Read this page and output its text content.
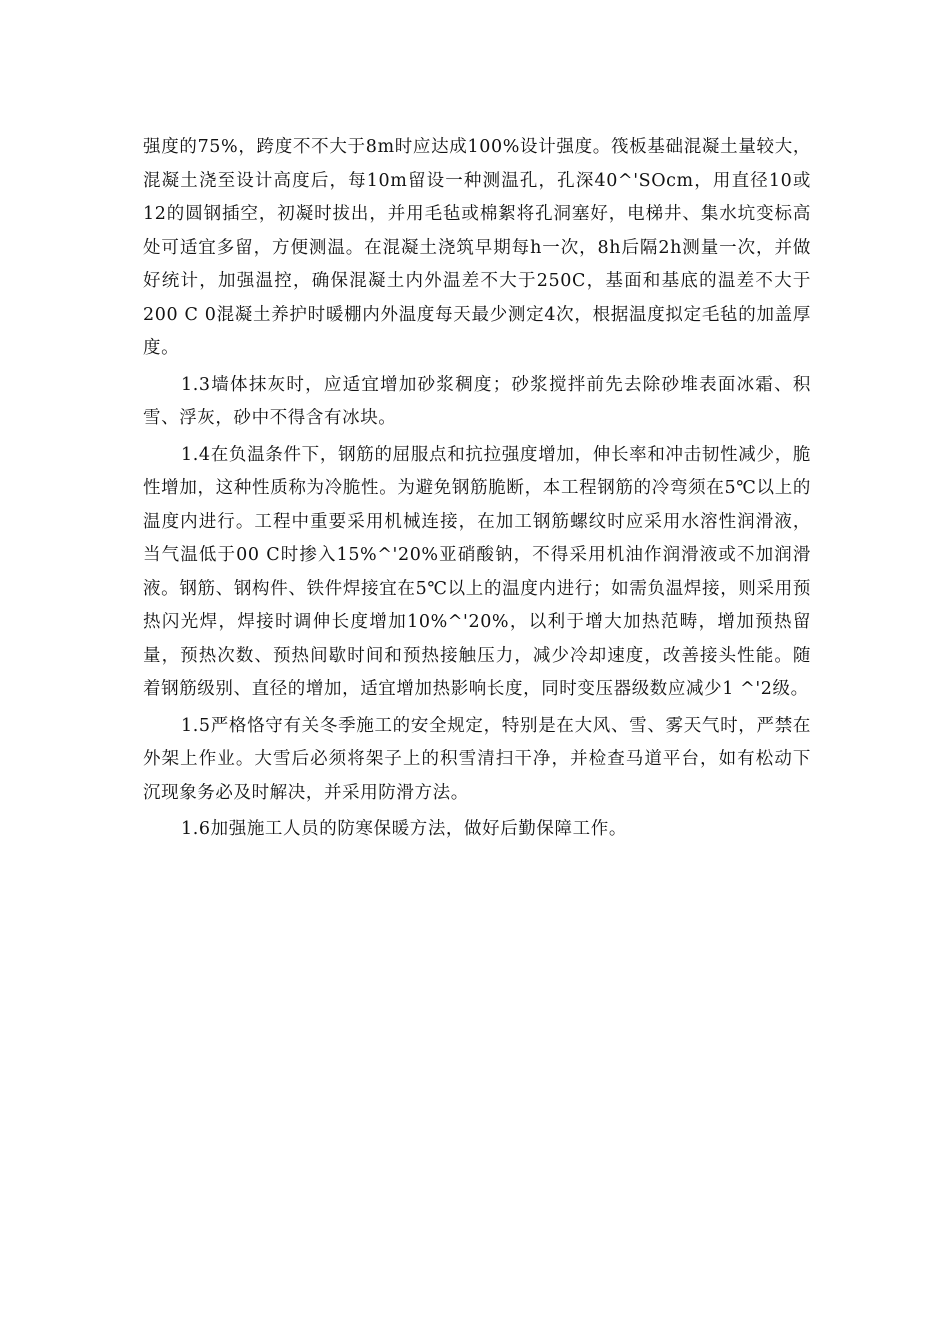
强度的75%，跨度不不大于8m时应达成100%设计强度。筏板基础混凝土量较大，混凝土浇至设计高度后，每10m留设一种测温孔，孔深40^'SOcm，用直径10或12的圆钢插空，初凝时拔出，并用毛毡或棉絮将孔洞塞好，电梯井、集水坑变标高处可适宜多留，方便测温。在混凝土浇筑早期每h一次，8h后隔2h测量一次，并做好统计，加强温控，确保混凝土内外温差不大于250C，基面和基底的温差不大于200 C 0混凝土养护时暖棚内外温度每天最少测定4次，根据温度拟定毛毡的加盖厚度。

1.3墙体抹灰时，应适宜增加砂浆稠度；砂浆搅拌前先去除砂堆表面冰霜、积雪、浮灰，砂中不得含有冰块。

1.4在负温条件下，钢筋的屈服点和抗拉强度增加，伸长率和冲击韧性减少，脆性增加，这种性质称为冷脆性。为避免钢筋脆断，本工程钢筋的冷弯须在5℃以上的温度内进行。工程中重要采用机械连接，在加工钢筋螺纹时应采用水溶性润滑液，当气温低于00 C时掺入15%^'20%亚硝酸钠，不得采用机油作润滑液或不加润滑液。钢筋、钢构件、铁件焊接宜在5℃以上的温度内进行；如需负温焊接，则采用预热闪光焊，焊接时调伸长度增加10%^'20%，以利于增大加热范畴，增加预热留量，预热次数、预热间歇时间和预热接触压力，减少冷却速度，改善接头性能。随着钢筋级别、直径的增加，适宜增加热影响长度，同时变压器级数应减少1 ^'2级。

1.5严格恪守有关冬季施工的安全规定，特别是在大风、雪、雾天气时，严禁在外架上作业。大雪后必须将架子上的积雪清扫干净，并检查马道平台，如有松动下沉现象务必及时解决，并采用防滑方法。

1.6加强施工人员的防寒保暖方法，做好后勤保障工作。
